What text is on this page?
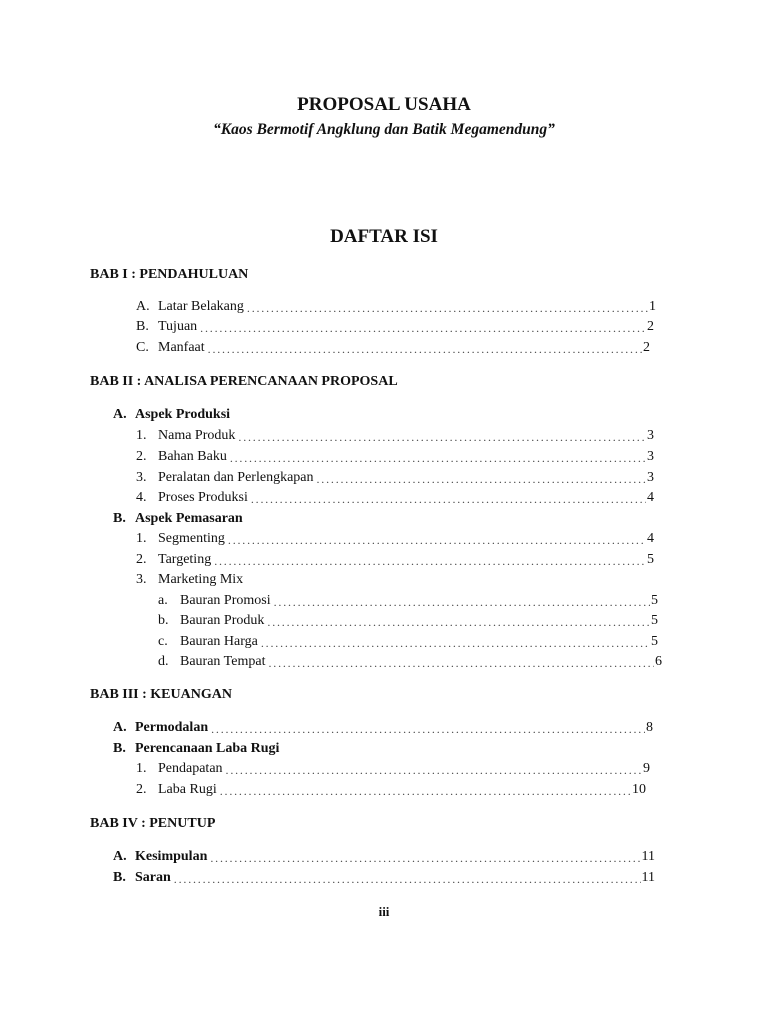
PROPOSAL USAHA
“Kaos Bermotif Angklung dan Batik Megamendung”
DAFTAR ISI
BAB I : PENDAHULUAN
A. Latar Belakang . . .	1
B. Tujuan . . .	2
C. Manfaat . . .	2
BAB II : ANALISA PERENCANAAN PROPOSAL
A. Aspek Produksi
1. Nama Produk . . .	3
2. Bahan Baku . . .	3
3. Peralatan dan Perlengkapan . . .	3
4. Proses Produksi . . .	4
B. Aspek Pemasaran
1. Segmenting . . .	4
2. Targeting . . .	5
3. Marketing Mix
a. Bauran Promosi . . .	5
b. Bauran Produk . . .	5
c. Bauran Harga . . .	5
d. Bauran Tempat . . .	6
BAB III : KEUANGAN
A. Permodalan . . .	8
B. Perencanaan Laba Rugi
1. Pendapatan . . .	9
2. Laba Rugi . . .	10
BAB IV : PENUTUP
A. Kesimpulan . . .	11
B. Saran . . .	11
iii
